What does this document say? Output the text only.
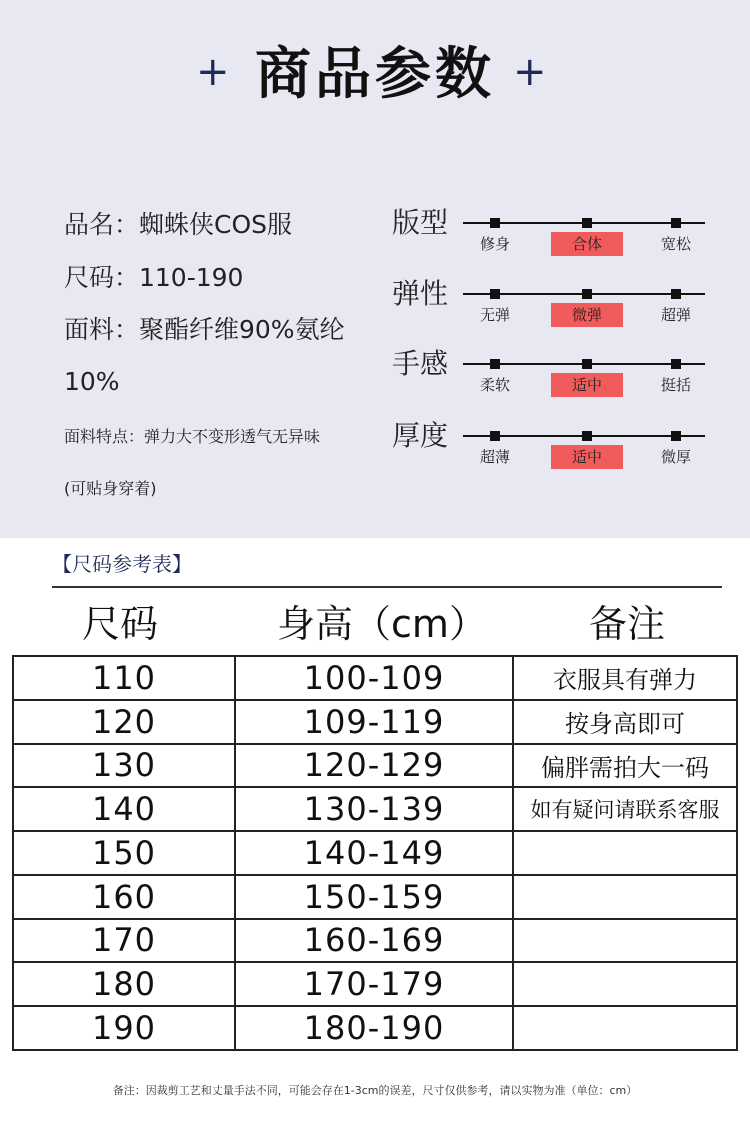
+ 商品参数 +
品名：蜘蛛侠COS服
尺码：110-190
面料：聚酯纤维90%氨纶
10%
面料特点：弹力大不变形透气无异味
(可贴身穿着)
版型
修身	合体	宽松
弹性
无弹	微弹	超弹
手感
柔软	适中	挺括
厚度
超薄	适中	微厚
【尺码参考表】
尺码	身高（cm）	备注
110	100-109	衣服具有弹力
120	109-119	按身高即可
130	120-129	偏胖需拍大一码
140	130-139	如有疑问请联系客服
150	140-149	
160	150-159	
170	160-169	
180	170-179	
190	180-190	
备注：因裁剪工艺和丈量手法不同，可能会存在1-3cm的误差，尺寸仅供参考，请以实物为准（单位：cm）
